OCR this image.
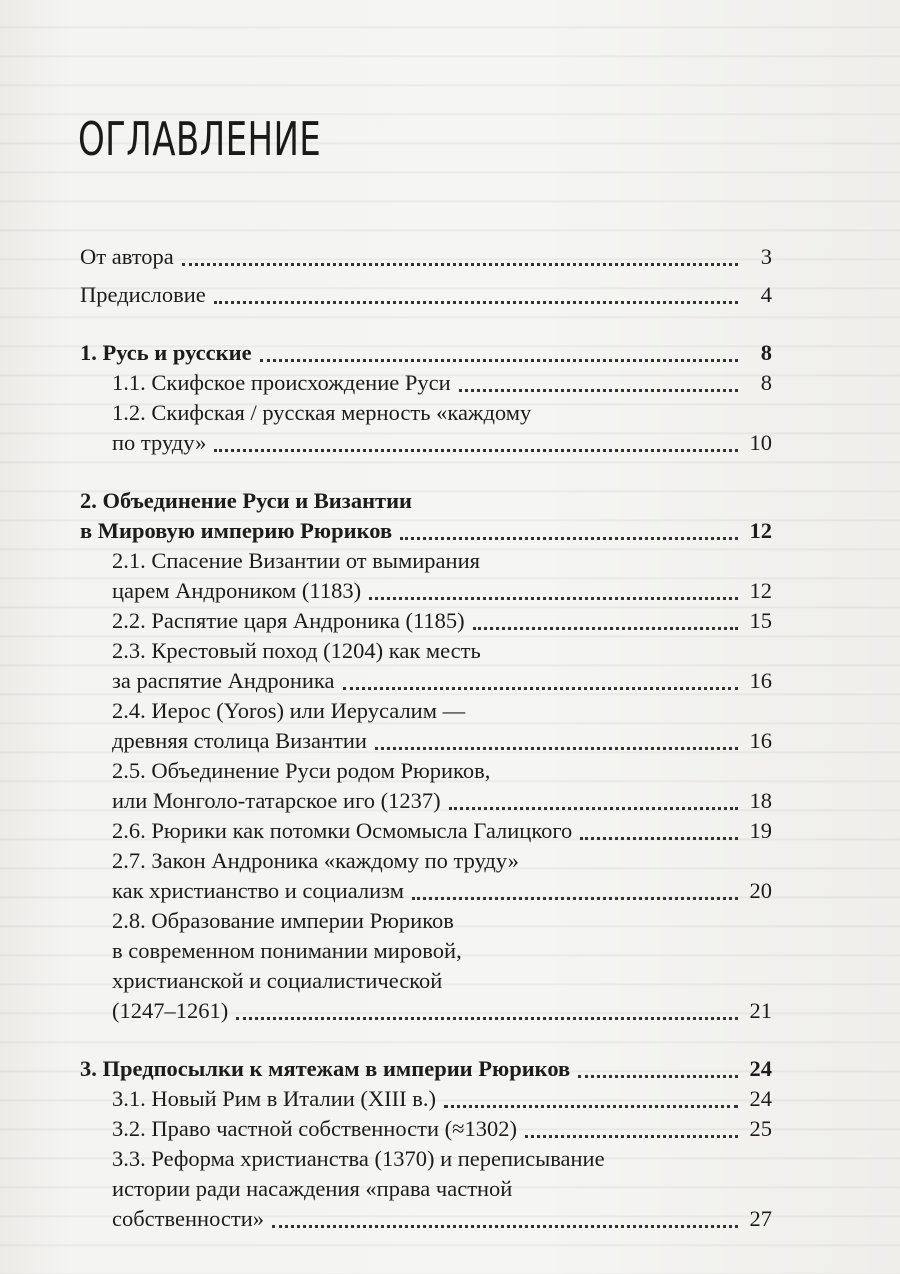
ОГЛАВЛЕНИЕ
От автора	3
Предисловие	4
1. Русь и русские	8
1.1. Скифское происхождение Руси	8
1.2. Скифская / русская мерность «каждому
по труду»	10
2. Объединение Руси и Византии
в Мировую империю Рюриков	12
2.1. Спасение Византии от вымирания
царем Андроником (1183)	12
2.2. Распятие царя Андроника (1185)	15
2.3. Крестовый поход (1204) как месть
за распятие Андроника	16
2.4. Иерос (Yoros) или Иерусалим —
древняя столица Византии	16
2.5. Объединение Руси родом Рюриков,
или Монголо-татарское иго (1237)	18
2.6. Рюрики как потомки Осмомысла Галицкого	19
2.7. Закон Андроника «каждому по труду»
как христианство и социализм	20
2.8. Образование империи Рюриков
в современном понимании мировой,
христианской и социалистической
(1247–1261)	21
3. Предпосылки к мятежам в империи Рюриков	24
3.1. Новый Рим в Италии (XIII в.)	24
3.2. Право частной собственности (≈1302)	25
3.3. Реформа христианства (1370) и переписывание
истории ради насаждения «права частной
собственности»	27
